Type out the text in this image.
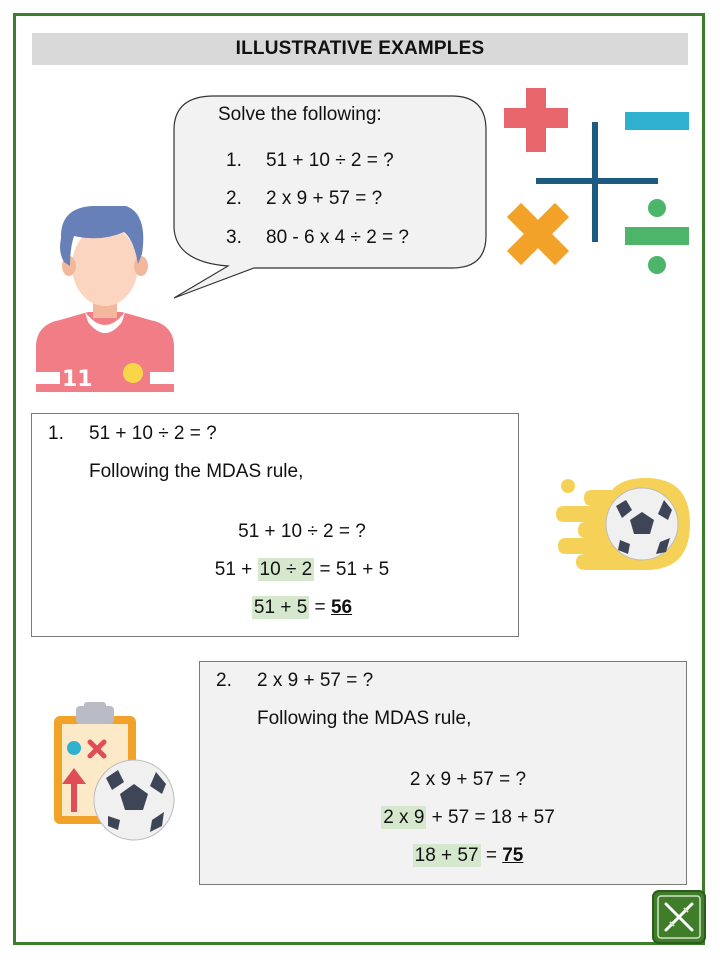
ILLUSTRATIVE EXAMPLES
11
Solve the following:
1. 51 + 10 ÷ 2 = ?
2. 2 x 9 + 57 = ?
3. 80 - 6 x 4 ÷ 2 = ?
1. 51 + 10 ÷ 2 = ?
Following the MDAS rule,
51 + 10 ÷ 2 = ?
51 + 10 ÷ 2 = 51 + 5
51 + 5 = 56
2. 2 x 9 + 57 = ?
Following the MDAS rule,
2 x 9 + 57 = ?
2 x 9 + 57 = 18 + 57
18 + 57 = 75
